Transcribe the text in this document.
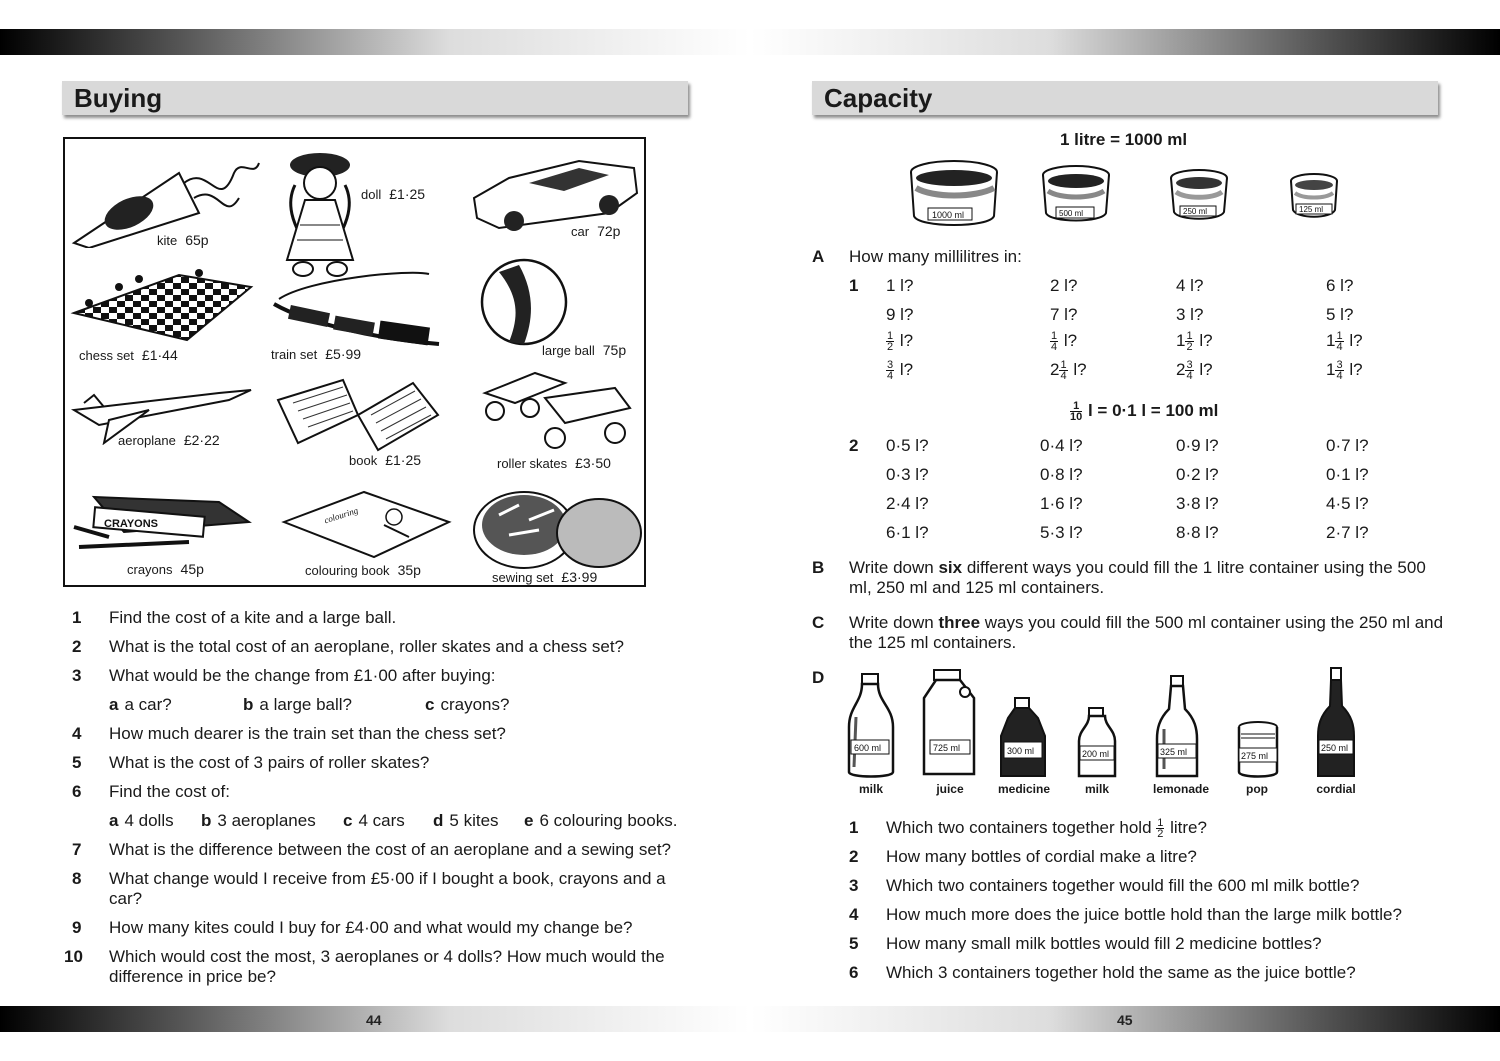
Buying
kite 65p
doll £1·25
car 72p
chess set £1·44	train set £5·99	large ball 75p
aeroplane £2·22
book £1·25	roller skates £3·50
CRAYONS
crayons 45p
colouring
colouring book 35p	sewing set £3·99
1 Find the cost of a kite and a large ball.
2 What is the total cost of an aeroplane, roller skates and a chess set?
3 What would be the change from £1·00 after buying:
a a car?	b a large ball?	c crayons?
4 How much dearer is the train set than the chess set?
5 What is the cost of 3 pairs of roller skates?
6 Find the cost of:
a 4 dolls b 3 aeroplanes c 4 cars d 5 kites e 6 colouring books.
7 What is the difference between the cost of an aeroplane and a sewing set?
8 What change would I receive from £5·00 if I bought a book, crayons and a car?
9 How many kites could I buy for £4·00 and what would my change be?
10 Which would cost the most, 3 aeroplanes or 4 dolls? How much would the difference in price be?
44
Capacity
1 litre = 1000 ml
1000 ml	500 ml	250 ml	125 ml
A How many millilitres in:
1 1 l?	2 l?	4 l?	6 l?
9 l?	7 l?	3 l?	5 l?
$\frac{1}{2} l$?	$\frac{1}{4} l$?	$1 \frac{1}{2} l$?	$1 \frac{1}{4} l$?
$\frac{3}{4} l$?	$2 \frac{1}{4} l$?	$2 \frac{3}{4} l$?	$1 \frac{3}{4} l$?
$\frac{1}{10}$ l = 0·1 l = 100 ml
2 0·5 l?	0·4 l?	0·9 l?	0·7 l?
0·3 l?	0·8 l?	0·2 l?	0·1 l?
2·4 l?	1·6 l?	3·8 l?	4·5 l?
6·1 l?	5·3 l?	8·8 l?	2·7 l?
B Write down six different ways you could fill the 1 litre container using the 500 ml, 250 ml and 125 ml containers.
C Write down three ways you could fill the 500 ml container using the 250 ml and the 125 ml containers.
D
600 ml	725 ml	300 ml	200 ml	325 ml	275 ml
250 ml
milk	juice	medicine	milk	lemonade	pop	cordial
1 Which two containers together hold $\frac{1}{2}$ litre?
2 How many bottles of cordial make a litre?
3 Which two containers together would fill the 600 ml milk bottle?
4 How much more does the juice bottle hold than the large milk bottle?
5 How many small milk bottles would fill 2 medicine bottles?
6 Which 3 containers together hold the same as the juice bottle?
45
